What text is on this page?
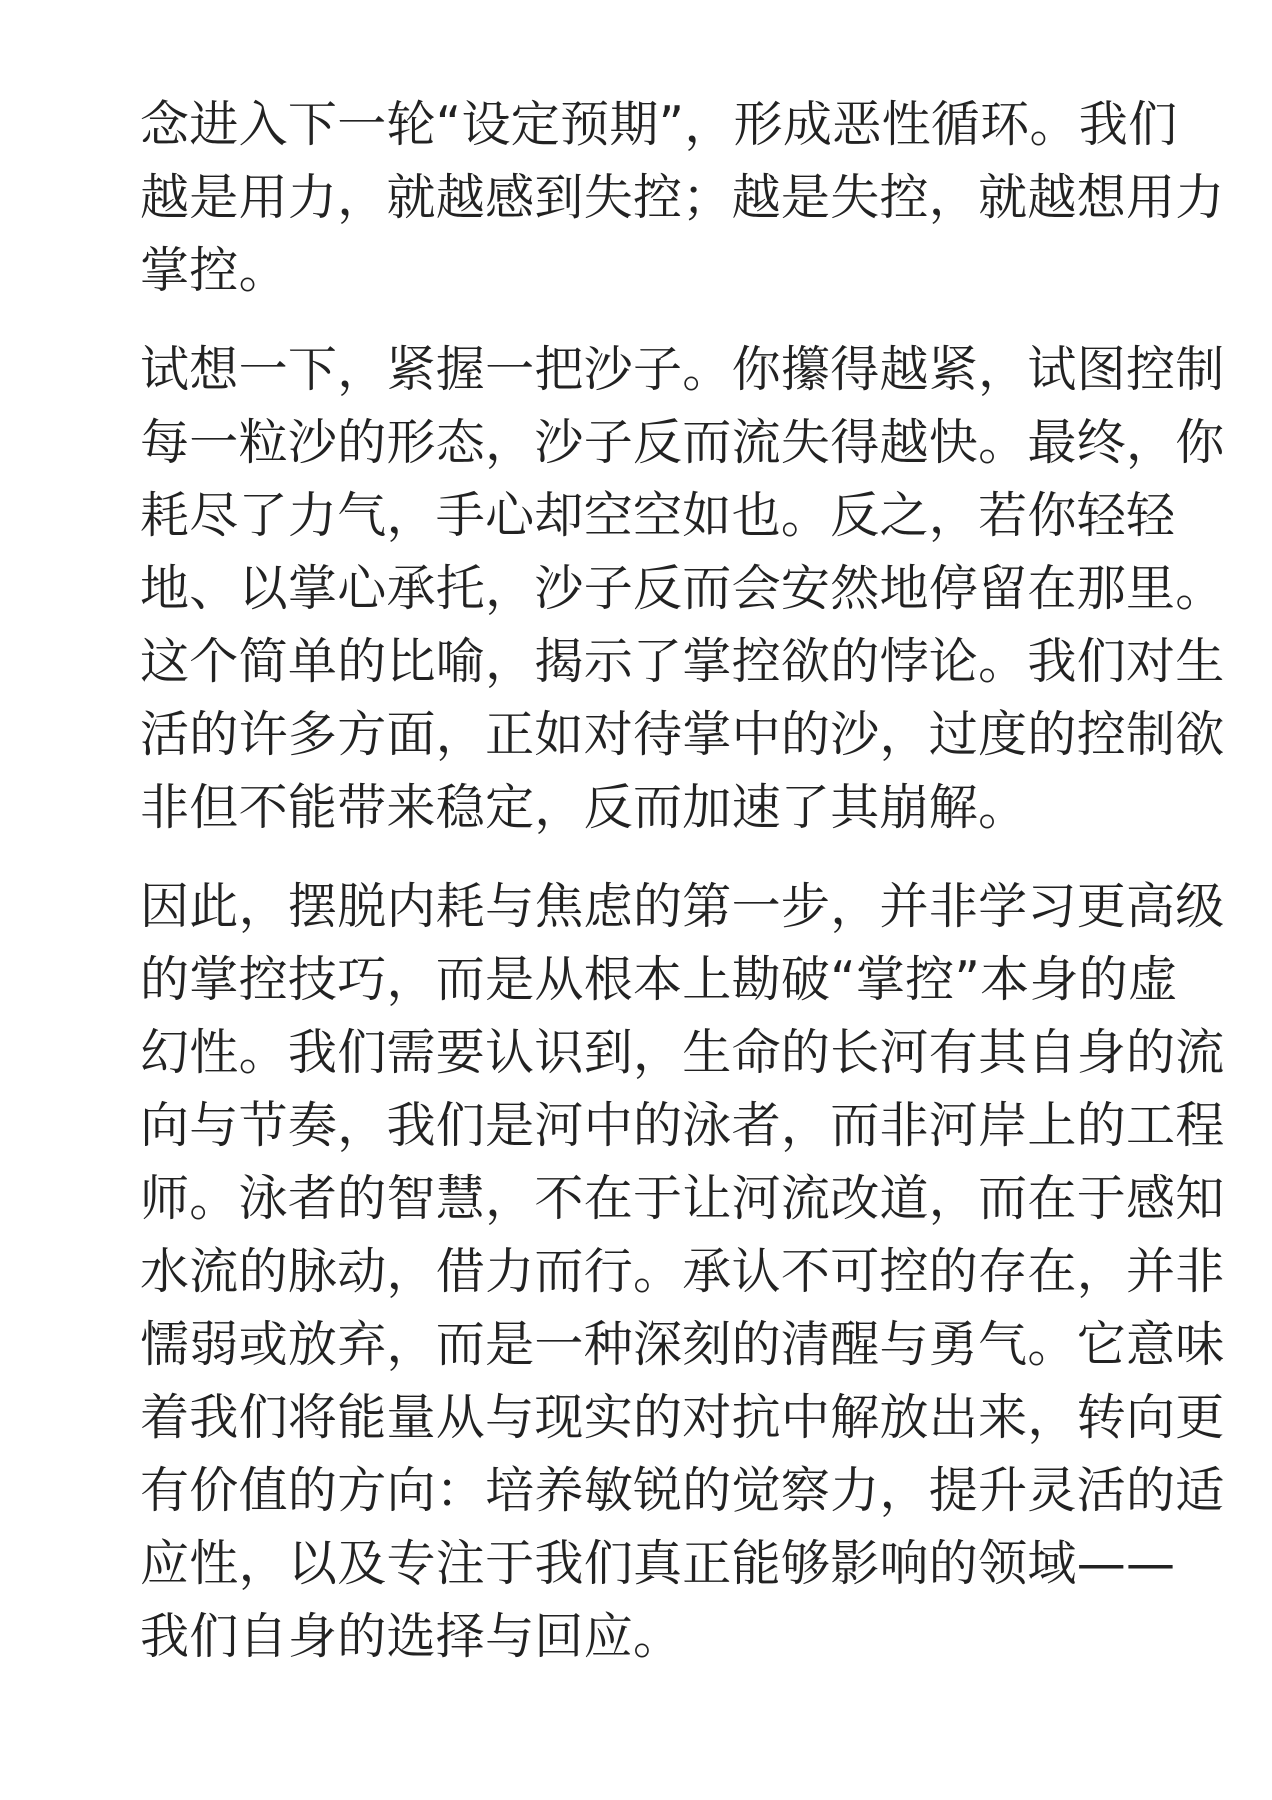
念进入下一轮“设定预期”，形成恶性循环。我们
越是用力，就越感到失控；越是失控，就越想用力
掌控。
试想一下，紧握一把沙子。你攥得越紧，试图控制
每一粒沙的形态，沙子反而流失得越快。最终，你
耗尽了力气，手心却空空如也。反之，若你轻轻
地、以掌心承托，沙子反而会安然地停留在那里。
这个简单的比喻，揭示了掌控欲的悖论。我们对生
活的许多方面，正如对待掌中的沙，过度的控制欲
非但不能带来稳定，反而加速了其崩解。
因此，摆脱内耗与焦虑的第一步，并非学习更高级
的掌控技巧，而是从根本上勘破“掌控”本身的虚
幻性。我们需要认识到，生命的长河有其自身的流
向与节奏，我们是河中的泳者，而非河岸上的工程
师。泳者的智慧，不在于让河流改道，而在于感知
水流的脉动，借力而行。承认不可控的存在，并非
懦弱或放弃，而是一种深刻的清醒与勇气。它意味
着我们将能量从与现实的对抗中解放出来，转向更
有价值的方向：培养敏锐的觉察力，提升灵活的适
应性，以及专注于我们真正能够影响的领域——
我们自身的选择与回应。
